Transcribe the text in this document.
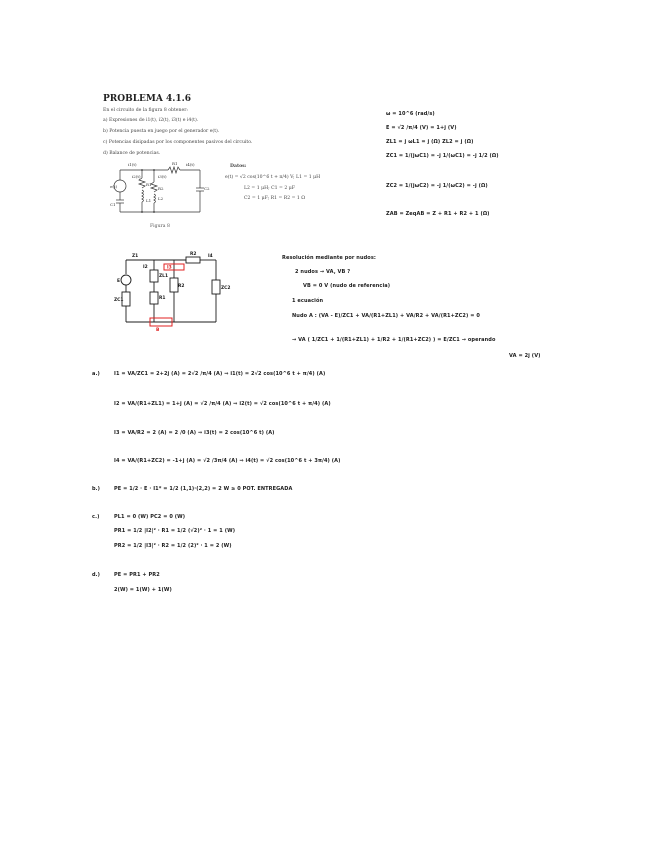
PROBLEMA 4.1.6
En el circuito de la figura 8 obtener:
a) Expresiones de i1(t), i2(t), i3(t) e i4(t).
b) Potencia puesta en juego por el generador e(t).
c) Potencias disipadas por los componentes pasivos del circuito.
d) Balance de potencias.
i1(t)	R1 i4(t)
i2(t)	i3(t)
e(t)	R1
L1
R2
L2
C1
C2
Figura 8
Datos:
e(t) = √2 cos(10^6 t + π/4) V; L1 = 1 μH
L2 = 1 μH; C1 = 2 μF
C2 = 1 μF; R1 = R2 = 1 Ω
ω = 10^6 (rad/s)
E = √2 /π/4 (V) = 1+j (V)
ZL1 = j ωL1 = j (Ω) ZL2 = j (Ω)
ZC1 = 1/(jωC1) = -j 1/(ωC1) = -j 1/2 (Ω)
ZC2 = 1/(jωC2) = -j 1/(ωC2) = -j (Ω)
ZAB = ZeqAB = Z + R1 + R2 + 1 (Ω)
Z1	R2	I4
I2
E
ZL1
R1
R2	ZC2
ZC1
I3
B
Resolución mediante por nudos:
2 nudos → VA, VB ?
VB = 0 V (nudo de referencia)
1 ecuación
Nudo A : (VA - E)/ZC1 + VA/(R1+ZL1) + VA/R2 + VA/(R1+ZC2) = 0
→ VA ( 1/ZC1 + 1/(R1+ZL1) + 1/R2 + 1/(R1+ZC2) ) = E/ZC1 → operando
VA = 2j (V)
a.)	I1 = VA/ZC1 = 2+2j (A) = 2√2 /π/4 (A) ⇒ i1(t) = 2√2 cos(10^6 t + π/4) (A)
I2 = VA/(R1+ZL1) = 1+j (A) = √2 /π/4 (A) ⇒ i2(t) = √2 cos(10^6 t + π/4) (A)
I3 = VA/R2 = 2 (A) = 2 /0 (A) ⇒ i3(t) = 2 cos(10^6 t) (A)
I4 = VA/(R1+ZC2) = -1+j (A) = √2 /3π/4 (A) ⇒ i4(t) = √2 cos(10^6 t + 3π/4) (A)
b.)	PE = 1/2 · E · I1* = 1/2 (1,1)·(2,2) = 2 W ≥ 0 POT. ENTREGADA
c.)	PL1 = 0 (W) PC2 = 0 (W)
PR1 = 1/2 |I2|² · R1 = 1/2 (√2)² · 1 = 1 (W)
PR2 = 1/2 |I3|² · R2 = 1/2 (2)² · 1 = 2 (W)
d.)	PE = PR1 + PR2
2(W) = 1(W) + 1(W)
